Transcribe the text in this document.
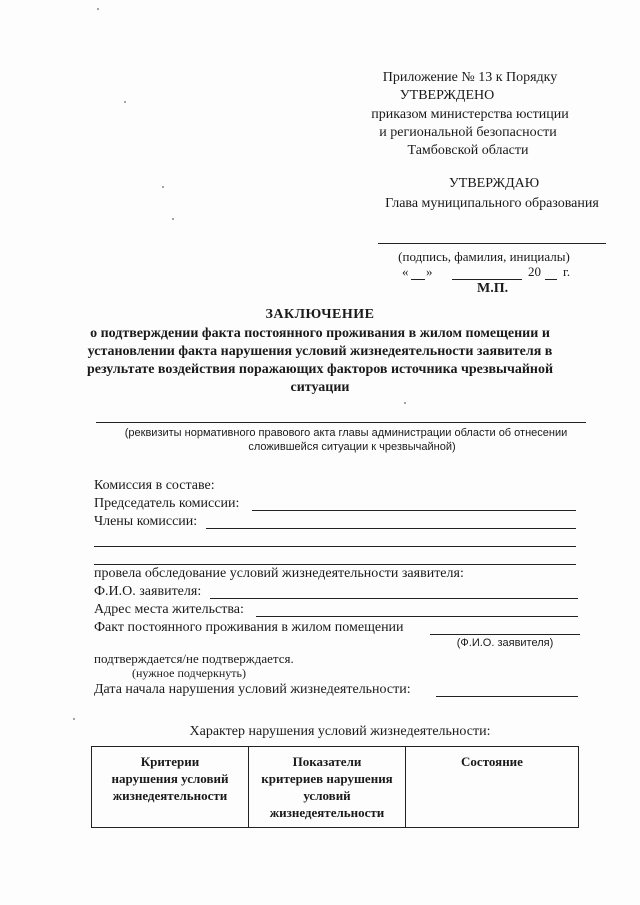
Приложение № 13 к Порядку
УТВЕРЖДЕНО
приказом министерства юстиции
и региональной безопасности
Тамбовской области
УТВЕРЖДАЮ
Глава муниципального образования
(подпись, фамилия, инициалы)
« »	20 г.
М.П.
ЗАКЛЮЧЕНИЕ
о подтверждении факта постоянного проживания в жилом помещении и
установлении факта нарушения условий жизнедеятельности заявителя в
результате воздействия поражающих факторов источника чрезвычайной
ситуации
(реквизиты нормативного правового акта главы администрации области об отнесении
сложившейся ситуации к чрезвычайной)
Комиссия в составе:
Председатель комиссии:
Члены комиссии:
провела обследование условий жизнедеятельности заявителя:
Ф.И.О. заявителя:
Адрес места жительства:
Факт постоянного проживания в жилом помещении
(Ф.И.О. заявителя)
подтверждается/не подтверждается.
(нужное подчеркнуть)
Дата начала нарушения условий жизнедеятельности:
Характер нарушения условий жизнедеятельности:
Критерии
нарушения условий
жизнедеятельности

Показатели
критериев нарушения
условий
жизнедеятельности

Состояние
